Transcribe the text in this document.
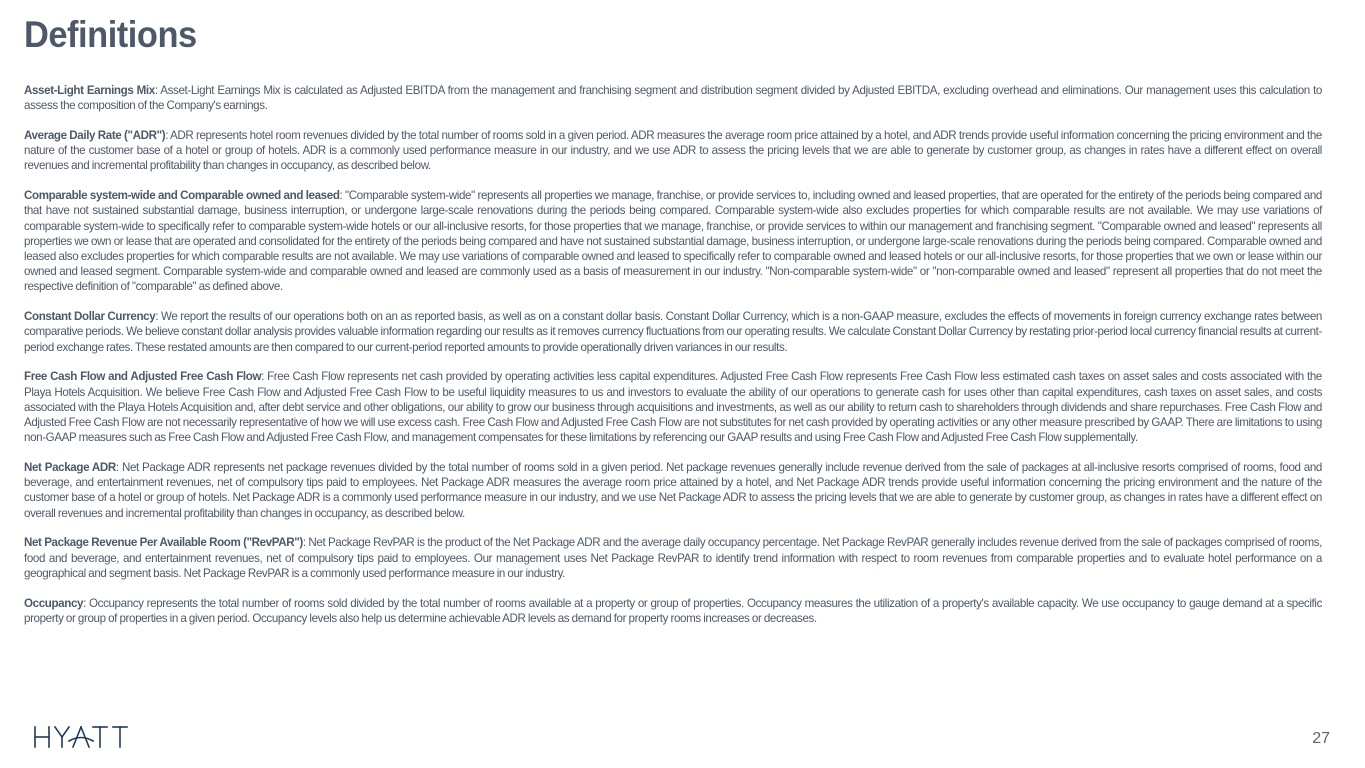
Definitions

Asset-Light Earnings Mix: Asset-Light Earnings Mix is calculated as Adjusted EBITDA from the management and franchising segment and distribution segment divided by Adjusted EBITDA, excluding overhead and eliminations. Our management uses this calculation to assess the composition of the Company's earnings.

Average Daily Rate ("ADR"): ADR represents hotel room revenues divided by the total number of rooms sold in a given period. ADR measures the average room price attained by a hotel, and ADR trends provide useful information concerning the pricing environment and the nature of the customer base of a hotel or group of hotels. ADR is a commonly used performance measure in our industry, and we use ADR to assess the pricing levels that we are able to generate by customer group, as changes in rates have a different effect on overall revenues and incremental profitability than changes in occupancy, as described below.

Comparable system-wide and Comparable owned and leased: "Comparable system-wide" represents all properties we manage, franchise, or provide services to, including owned and leased properties, that are operated for the entirety of the periods being compared and that have not sustained substantial damage, business interruption, or undergone large-scale renovations during the periods being compared. Comparable system-wide also excludes properties for which comparable results are not available. We may use variations of comparable system-wide to specifically refer to comparable system-wide hotels or our all-inclusive resorts, for those properties that we manage, franchise, or provide services to within our management and franchising segment. "Comparable owned and leased" represents all properties we own or lease that are operated and consolidated for the entirety of the periods being compared and have not sustained substantial damage, business interruption, or undergone large-scale renovations during the periods being compared. Comparable owned and leased also excludes properties for which comparable results are not available. We may use variations of comparable owned and leased to specifically refer to comparable owned and leased hotels or our all-inclusive resorts, for those properties that we own or lease within our owned and leased segment. Comparable system-wide and comparable owned and leased are commonly used as a basis of measurement in our industry. "Non-comparable system-wide" or "non-comparable owned and leased" represent all properties that do not meet the respective definition of "comparable" as defined above.

Constant Dollar Currency: We report the results of our operations both on an as reported basis, as well as on a constant dollar basis. Constant Dollar Currency, which is a non-GAAP measure, excludes the effects of movements in foreign currency exchange rates between comparative periods. We believe constant dollar analysis provides valuable information regarding our results as it removes currency fluctuations from our operating results. We calculate Constant Dollar Currency by restating prior-period local currency financial results at current-period exchange rates. These restated amounts are then compared to our current-period reported amounts to provide operationally driven variances in our results.

Free Cash Flow and Adjusted Free Cash Flow: Free Cash Flow represents net cash provided by operating activities less capital expenditures. Adjusted Free Cash Flow represents Free Cash Flow less estimated cash taxes on asset sales and costs associated with the Playa Hotels Acquisition. We believe Free Cash Flow and Adjusted Free Cash Flow to be useful liquidity measures to us and investors to evaluate the ability of our operations to generate cash for uses other than capital expenditures, cash taxes on asset sales, and costs associated with the Playa Hotels Acquisition and, after debt service and other obligations, our ability to grow our business through acquisitions and investments, as well as our ability to return cash to shareholders through dividends and share repurchases. Free Cash Flow and Adjusted Free Cash Flow are not necessarily representative of how we will use excess cash. Free Cash Flow and Adjusted Free Cash Flow are not substitutes for net cash provided by operating activities or any other measure prescribed by GAAP. There are limitations to using non-GAAP measures such as Free Cash Flow and Adjusted Free Cash Flow, and management compensates for these limitations by referencing our GAAP results and using Free Cash Flow and Adjusted Free Cash Flow supplementally.

Net Package ADR: Net Package ADR represents net package revenues divided by the total number of rooms sold in a given period. Net package revenues generally include revenue derived from the sale of packages at all-inclusive resorts comprised of rooms, food and beverage, and entertainment revenues, net of compulsory tips paid to employees. Net Package ADR measures the average room price attained by a hotel, and Net Package ADR trends provide useful information concerning the pricing environment and the nature of the customer base of a hotel or group of hotels. Net Package ADR is a commonly used performance measure in our industry, and we use Net Package ADR to assess the pricing levels that we are able to generate by customer group, as changes in rates have a different effect on overall revenues and incremental profitability than changes in occupancy, as described below.

Net Package Revenue Per Available Room ("RevPAR"): Net Package RevPAR is the product of the Net Package ADR and the average daily occupancy percentage. Net Package RevPAR generally includes revenue derived from the sale of packages comprised of rooms, food and beverage, and entertainment revenues, net of compulsory tips paid to employees. Our management uses Net Package RevPAR to identify trend information with respect to room revenues from comparable properties and to evaluate hotel performance on a geographical and segment basis. Net Package RevPAR is a commonly used performance measure in our industry.

Occupancy: Occupancy represents the total number of rooms sold divided by the total number of rooms available at a property or group of properties. Occupancy measures the utilization of a property's available capacity. We use occupancy to gauge demand at a specific property or group of properties in a given period. Occupancy levels also help us determine achievable ADR levels as demand for property rooms increases or decreases.

27
